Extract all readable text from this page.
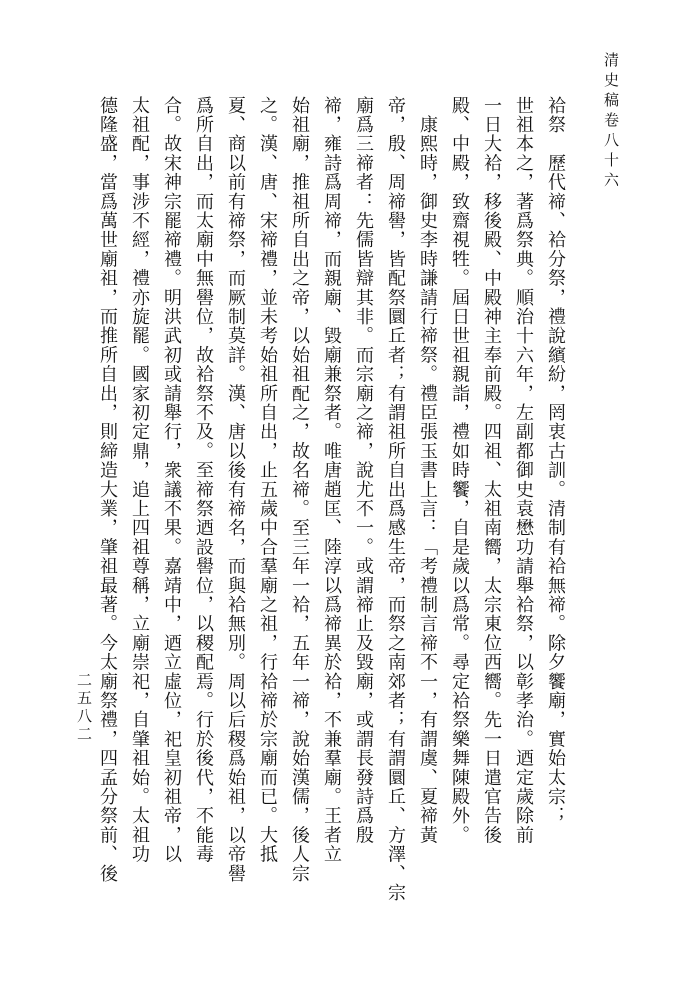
清史稿卷八十六
二五八二	袷祭　歷代禘、袷分祭，禮說繽紛，罔衷古訓。清制有袷無禘。除夕饗廟，實始太宗；
世祖本之，著爲祭典。順治十六年，左副都御史袁懋功請舉袷祭，以彰孝治。迺定歲除前
一日大袷，移後殿、中殿神主奉前殿。四祖、太祖南嚮，太宗東位西嚮。先一日遣官告後
殿、中殿，致齋視牲。屆日世祖親詣，禮如時饗，自是歲以爲常。尋定袷祭樂舞陳殿外。
　康熙時，御史李時謙請行禘祭。禮臣張玉書上言：「考禮制言禘不一，有謂虞、夏禘黃
帝，殷、周禘嚳，皆配祭圜丘者；有謂祖所自出爲感生帝，而祭之南郊者；有謂圜丘、方澤、宗
廟爲三禘者：先儒皆辯其非。而宗廟之禘，說尤不一。或謂禘止及毀廟，或謂長發詩爲殷
禘，雍詩爲周禘，而親廟、毀廟兼祭者。唯唐趙匡、陸淳以爲禘異於袷，不兼羣廟。王者立
始祖廟，推祖所自出之帝，以始祖配之，故名禘。至三年一袷，五年一禘，說始漢儒，後人宗
之。漢、唐、宋禘禮，並未考始祖所自出，止五歲中合羣廟之祖，行袷禘於宗廟而已。大抵
夏、商以前有禘祭，而厥制莫詳。漢、唐以後有禘名，而與袷無別。周以后稷爲始祖，以帝嚳
爲所自出，而太廟中無嚳位，故袷祭不及。至禘祭迺設嚳位，以稷配焉。行於後代，不能毒
合。故宋神宗罷禘禮。明洪武初或請舉行，衆議不果。嘉靖中，迺立虛位，祀皇初祖帝，以
太祖配，事涉不經，禮亦旋罷。國家初定鼎，追上四祖尊稱，立廟崇祀，自肇祖始。太祖功
德隆盛，當爲萬世廟祖，而推所自出，則締造大業，肇祖最著。今太廟祭禮，四孟分祭前、後
